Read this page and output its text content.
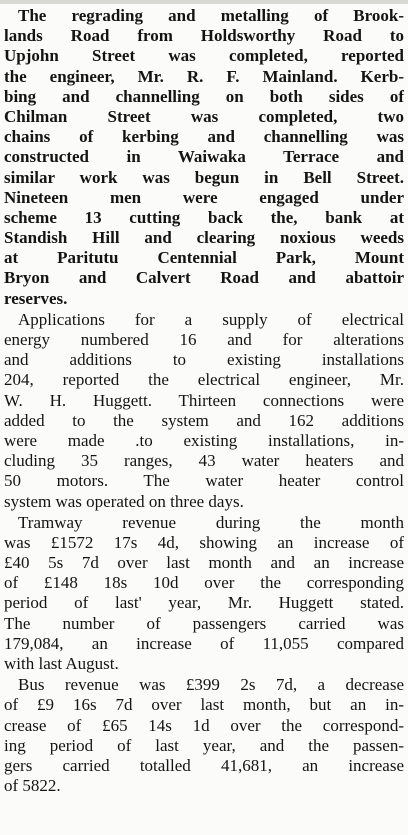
The regrading and metalling of Brook-
lands Road from Holdsworthy Road to
Upjohn Street was completed, reported
the engineer, Mr. R. F. Mainland. Kerb-
bing and channelling on both sides of
Chilman Street was completed, two
chains of kerbing and channelling was
constructed in Waiwaka Terrace and
similar work was begun in Bell Street.
Nineteen men were engaged under
scheme 13 cutting back the, bank at
Standish Hill and clearing noxious weeds
at Paritutu Centennial Park, Mount
Bryon and Calvert Road and abattoir
reserves.
Applications for a supply of electrical
energy numbered 16 and for alterations
and additions to existing installations
204, reported the electrical engineer, Mr.
W. H. Huggett. Thirteen connections were
added to the system and 162 additions
were made .to existing installations, in-
cluding 35 ranges, 43 water heaters and
50 motors. The water heater control
system was operated on three days.
Tramway revenue during the month
was £1572 17s 4d, showing an increase of
£40 5s 7d over last month and an increase
of £148 18s 10d over the corresponding
period of last' year, Mr. Huggett stated.
The number of passengers carried was
179,084, an increase of 11,055 compared
with last August.
Bus revenue was £399 2s 7d, a decrease
of £9 16s 7d over last month, but an in-
crease of £65 14s 1d over the correspond-
ing period of last year, and the passen-
gers carried totalled 41,681, an increase
of 5822.
